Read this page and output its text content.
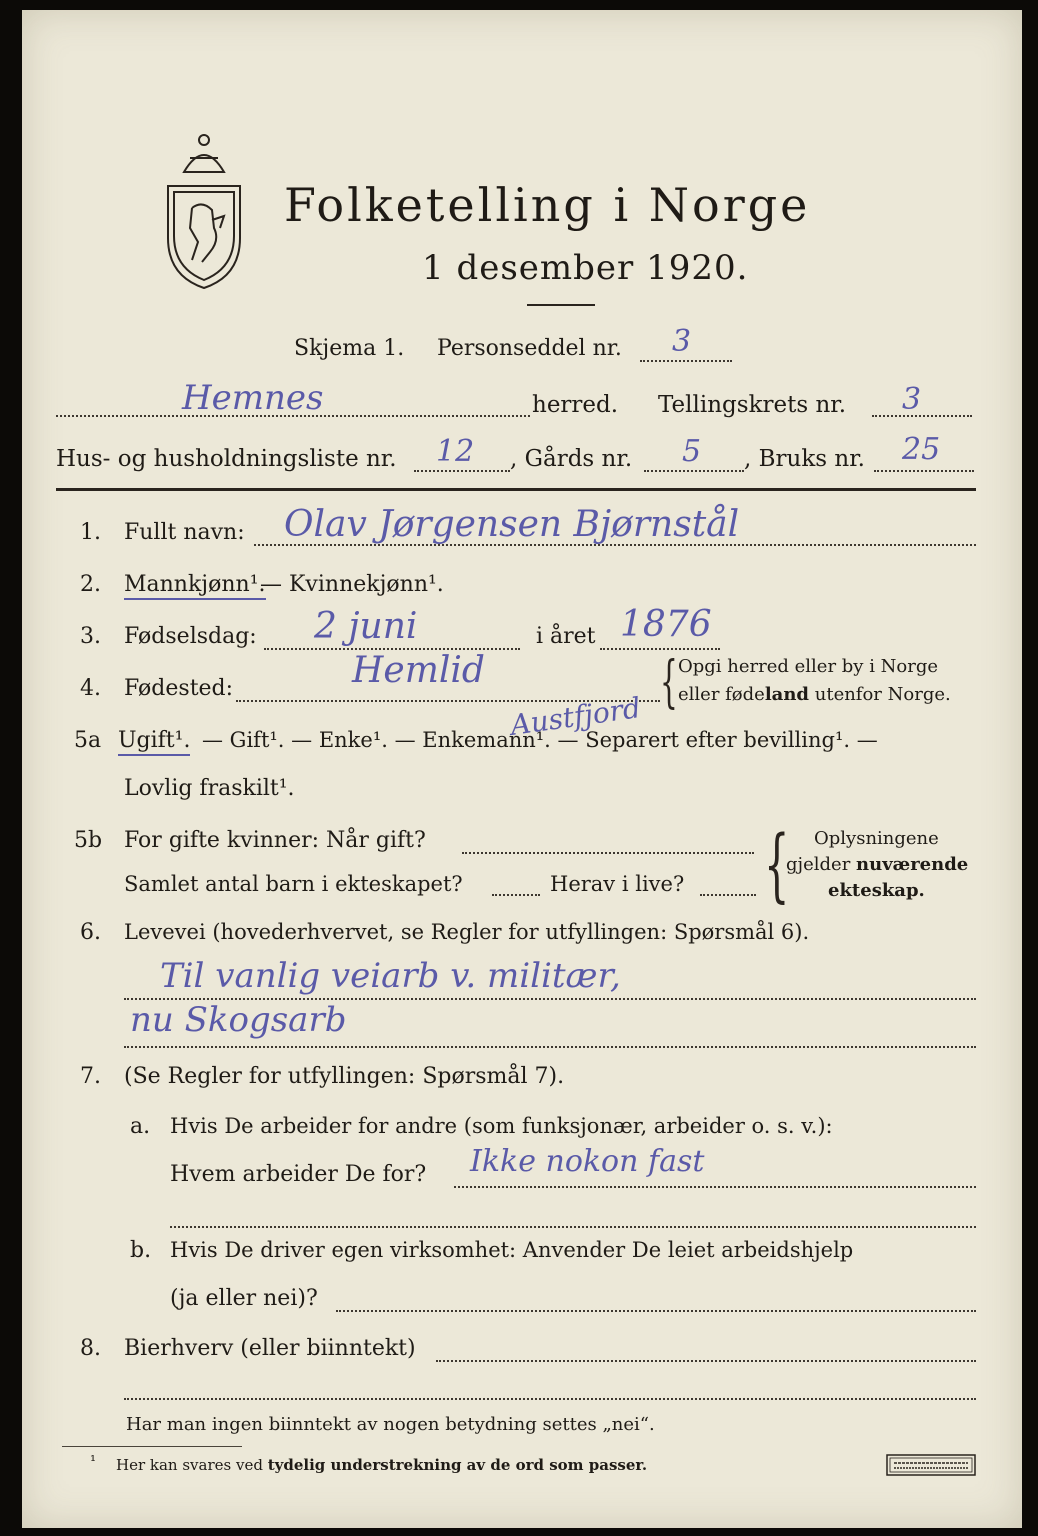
Folketelling i Norge
1 desember 1920.
Skjema 1. Personseddel nr. 3
Hemnes	herred. Tellingskrets nr. 3
Hus- og husholdningsliste nr. 12 , Gårds nr. 5 , Bruks nr. 25
1. Fullt navn: Olav Jørgensen Bjørnstål
2. Mannkjønn¹.
— Kvinnekjønn¹.
3. Fødselsdag: 2 juni	i året 1876
4. Fødested:	Hemlid	{ Opgi herred eller by i Norge
eller fødeland utenfor Norge.
5a Ugift¹. — Gift¹. — Enke¹. — Enkemann¹. — Separert efter bevilling¹. —
Austfjord
Lovlig fraskilt¹.
5b For gifte kvinner: Når gift?
Samlet antal barn i ekteskapet?	Herav i live? { Oplysningene
gjelder nuværende
ekteskap.
6. Levevei (hovederhvervet, se Regler for utfyllingen: Spørsmål 6).
Til vanlig veiarb v. militær,
nu Skogsarb
7. (Se Regler for utfyllingen: Spørsmål 7).
a. Hvis De arbeider for andre (som funksjonær, arbeider o. s. v.):
Hvem arbeider De for? Ikke nokon fast
b. Hvis De driver egen virksomhet: Anvender De leiet arbeidshjelp
(ja eller nei)?
8. Bierhverv (eller biinntekt)
Har man ingen biinntekt av nogen betydning settes „nei“.
¹ Her kan svares ved tydelig understrekning av de ord som passer.
